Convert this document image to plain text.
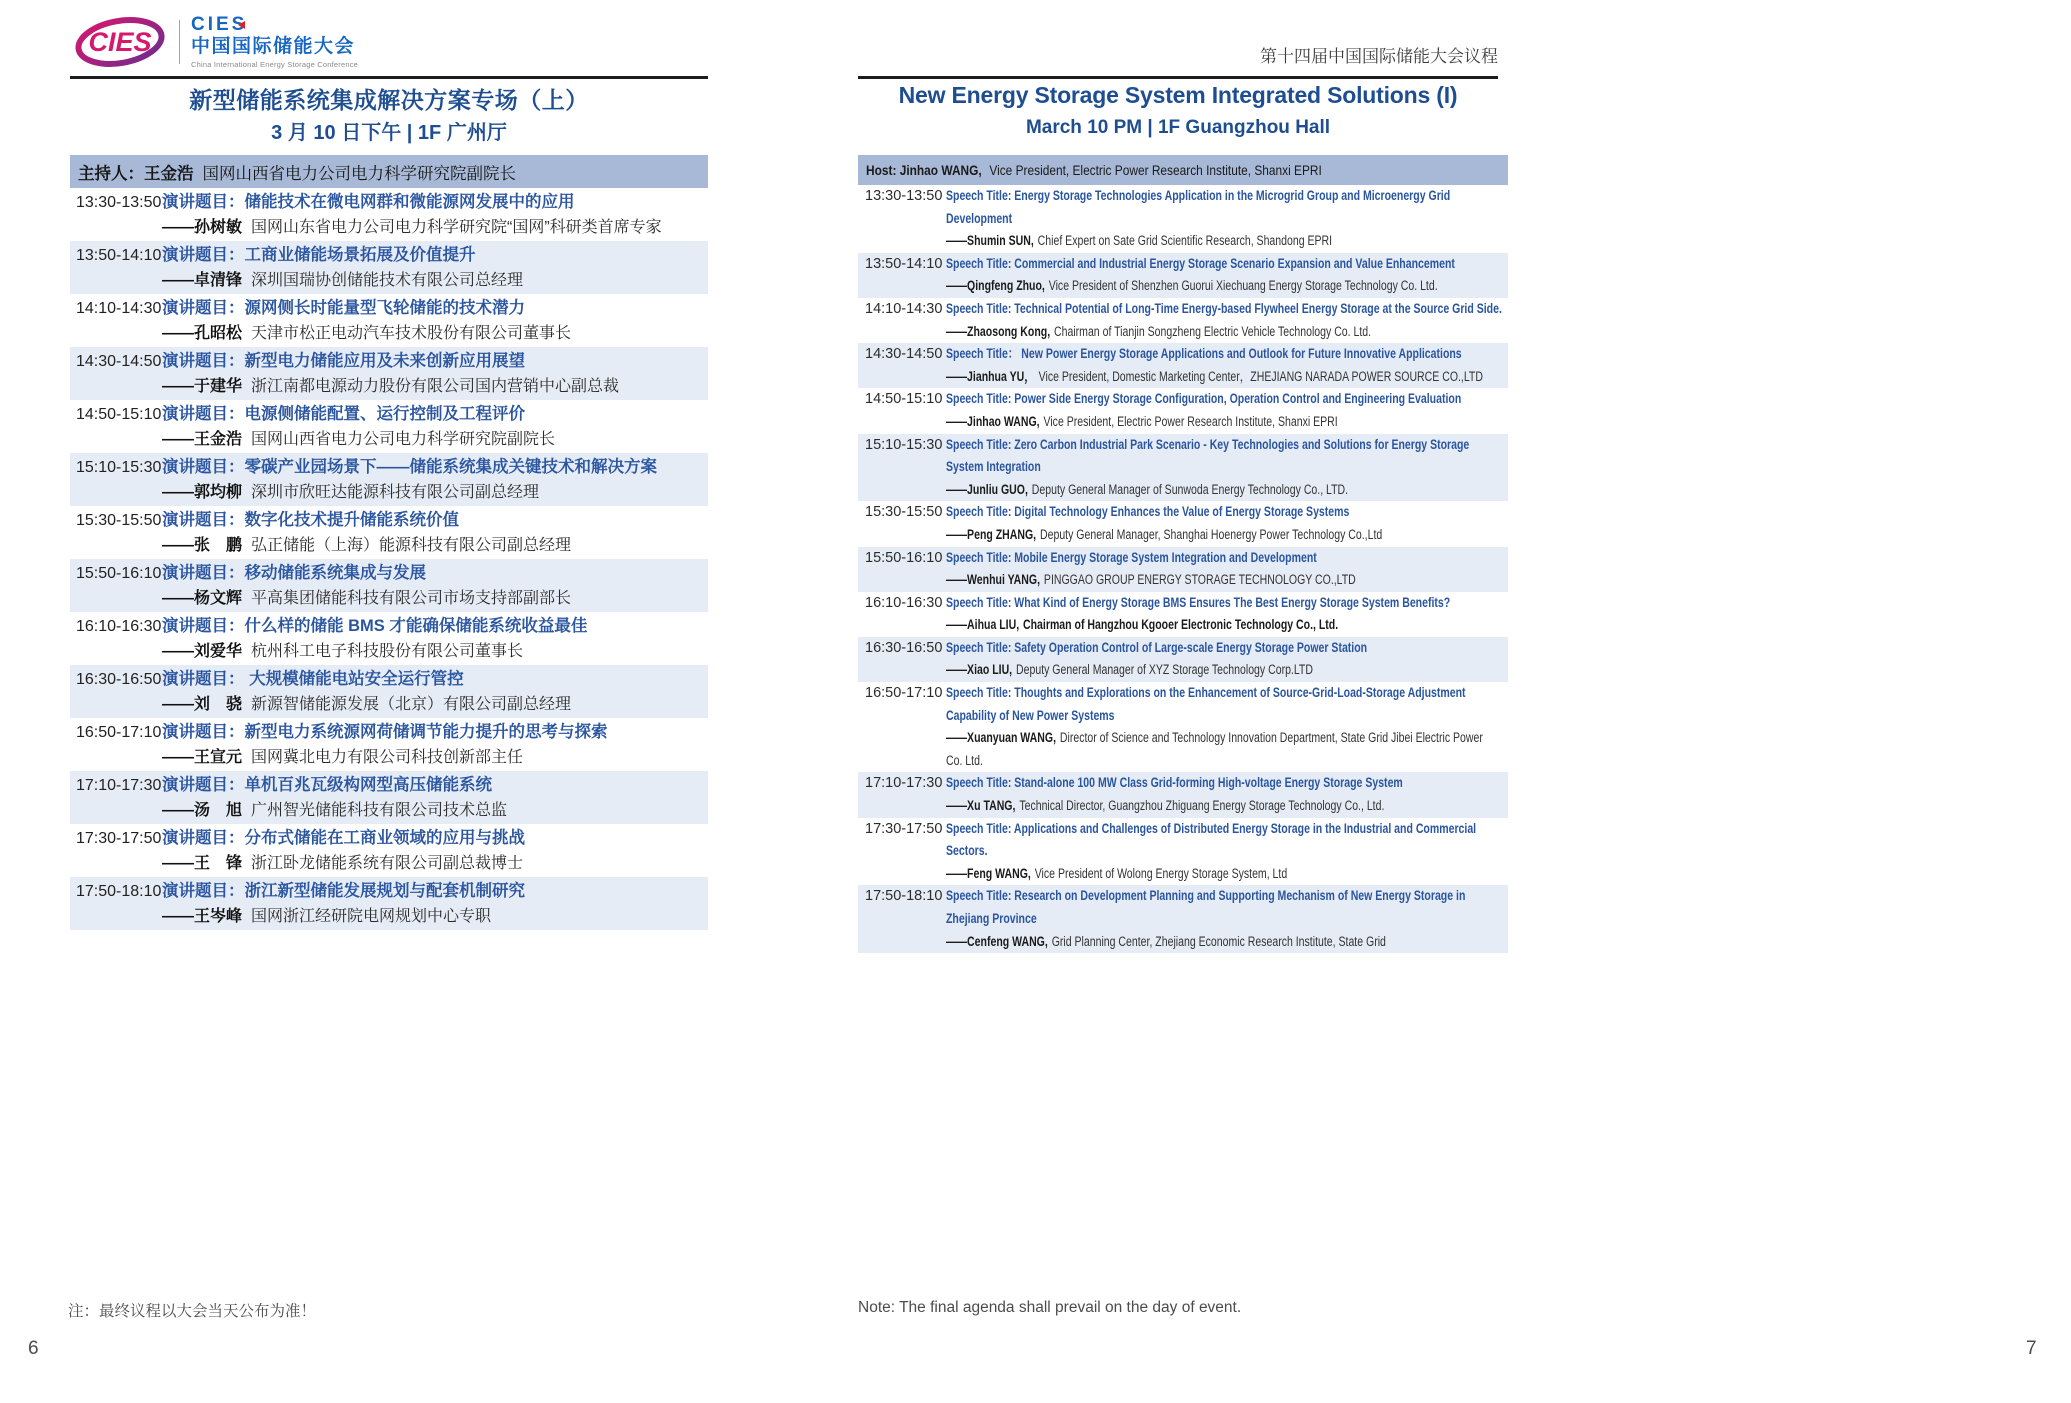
CIES
CIES
中国国际储能大会
China International Energy Storage Conference
新型储能系统集成解决方案专场（上）
3 月 10 日下午 | 1F 广州厅
主持人：王金浩 国网山西省电力公司电力科学研究院副院长
13:30-13:50 演讲题目：储能技术在微电网群和微能源网发展中的应用
——孙树敏 国网山东省电力公司电力科学研究院“国网”科研类首席专家
13:50-14:10 演讲题目：工商业储能场景拓展及价值提升
——卓清锋 深圳国瑞协创储能技术有限公司总经理
14:10-14:30 演讲题目：源网侧长时能量型飞轮储能的技术潜力
——孔昭松 天津市松正电动汽车技术股份有限公司董事长
14:30-14:50 演讲题目：新型电力储能应用及未来创新应用展望
——于建华 浙江南都电源动力股份有限公司国内营销中心副总裁
14:50-15:10 演讲题目：电源侧储能配置、运行控制及工程评价
——王金浩 国网山西省电力公司电力科学研究院副院长
15:10-15:30 演讲题目：零碳产业园场景下——储能系统集成关键技术和解决方案
——郭均柳 深圳市欣旺达能源科技有限公司副总经理
15:30-15:50 演讲题目：数字化技术提升储能系统价值
——张　鹏 弘正储能（上海）能源科技有限公司副总经理
15:50-16:10 演讲题目：移动储能系统集成与发展
——杨文辉 平高集团储能科技有限公司市场支持部副部长
16:10-16:30 演讲题目：什么样的储能 BMS 才能确保储能系统收益最佳
——刘爱华 杭州科工电子科技股份有限公司董事长
16:30-16:50 演讲题目： 大规模储能电站安全运行管控
——刘　骁 新源智储能源发展（北京）有限公司副总经理
16:50-17:10 演讲题目：新型电力系统源网荷储调节能力提升的思考与探索
——王宣元 国网冀北电力有限公司科技创新部主任
17:10-17:30 演讲题目：单机百兆瓦级构网型高压储能系统
——汤　旭 广州智光储能科技有限公司技术总监
17:30-17:50 演讲题目：分布式储能在工商业领域的应用与挑战
——王　锋 浙江卧龙储能系统有限公司副总裁博士
17:50-18:10 演讲题目：浙江新型储能发展规划与配套机制研究
——王岑峰 国网浙江经研院电网规划中心专职
注：最终议程以大会当天公布为准！
6
第十四届中国国际储能大会议程
New Energy Storage System Integrated Solutions (I)
March 10 PM | 1F Guangzhou Hall
Host: Jinhao WANG, Vice President, Electric Power Research Institute, Shanxi EPRI
13:30-13:50 Speech Title: Energy Storage Technologies Application in the Microgrid Group and Microenergy Grid
Development
——Shumin SUN, Chief Expert on Sate Grid Scientific Research, Shandong EPRI
13:50-14:10 Speech Title: Commercial and Industrial Energy Storage Scenario Expansion and Value Enhancement
——Qingfeng Zhuo, Vice President of Shenzhen Guorui Xiechuang Energy Storage Technology Co. Ltd.
14:10-14:30 Speech Title: Technical Potential of Long-Time Energy-based Flywheel Energy Storage at the Source Grid Side.
——Zhaosong Kong, Chairman of Tianjin Songzheng Electric Vehicle Technology Co. Ltd.
14:30-14:50 Speech Title： New Power Energy Storage Applications and Outlook for Future Innovative Applications
——Jianhua YU， Vice President, Domestic Marketing Center，ZHEJIANG NARADA POWER SOURCE CO.,LTD
14:50-15:10 Speech Title: Power Side Energy Storage Configuration, Operation Control and Engineering Evaluation
——Jinhao WANG, Vice President, Electric Power Research Institute, Shanxi EPRI
15:10-15:30 Speech Title: Zero Carbon Industrial Park Scenario - Key Technologies and Solutions for Energy Storage
System Integration
——Junliu GUO, Deputy General Manager of Sunwoda Energy Technology Co., LTD.
15:30-15:50 Speech Title: Digital Technology Enhances the Value of Energy Storage Systems
——Peng ZHANG, Deputy General Manager, Shanghai Hoenergy Power Technology Co.,Ltd
15:50-16:10 Speech Title: Mobile Energy Storage System Integration and Development
——Wenhui YANG, PINGGAO GROUP ENERGY STORAGE TECHNOLOGY CO.,LTD
16:10-16:30 Speech Title: What Kind of Energy Storage BMS Ensures The Best Energy Storage System Benefits?
——Aihua LIU, Chairman of Hangzhou Kgooer Electronic Technology Co., Ltd.
16:30-16:50 Speech Title: Safety Operation Control of Large-scale Energy Storage Power Station
——Xiao LIU, Deputy General Manager of XYZ Storage Technology Corp.LTD
16:50-17:10 Speech Title: Thoughts and Explorations on the Enhancement of Source-Grid-Load-Storage Adjustment
Capability of New Power Systems
——Xuanyuan WANG, Director of Science and Technology Innovation Department, State Grid Jibei Electric Power
Co. Ltd.
17:10-17:30 Speech Title: Stand-alone 100 MW Class Grid-forming High-voltage Energy Storage System
——Xu TANG, Technical Director, Guangzhou Zhiguang Energy Storage Technology Co., Ltd.
17:30-17:50 Speech Title: Applications and Challenges of Distributed Energy Storage in the Industrial and Commercial
Sectors.
——Feng WANG, Vice President of Wolong Energy Storage System, Ltd
17:50-18:10 Speech Title: Research on Development Planning and Supporting Mechanism of New Energy Storage in
Zhejiang Province
——Cenfeng WANG, Grid Planning Center, Zhejiang Economic Research Institute, State Grid
Note: The final agenda shall prevail on the day of event.
7
